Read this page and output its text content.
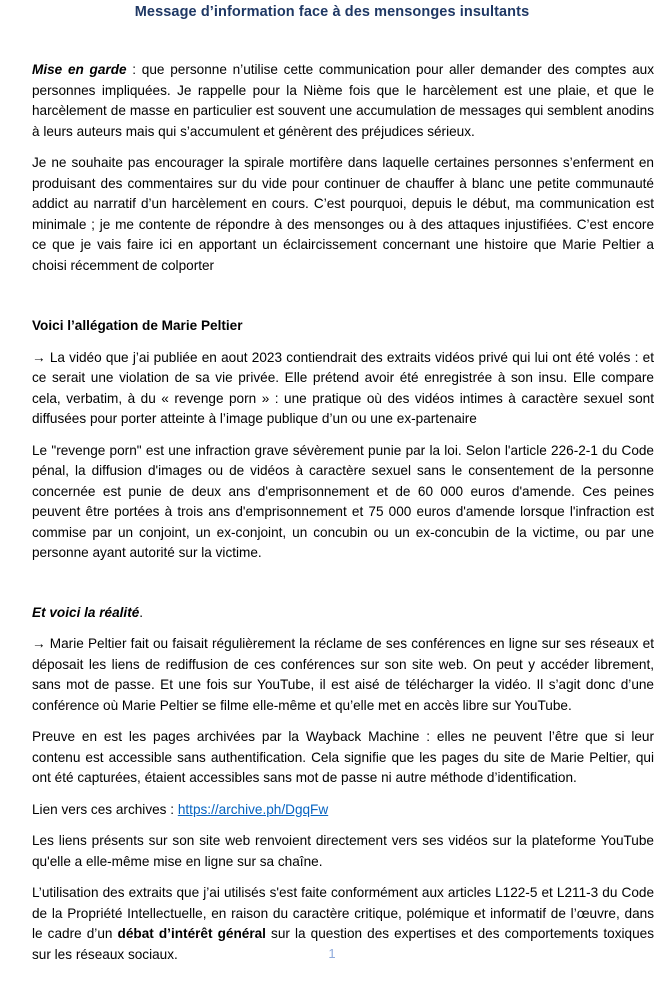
Message d’information face à des mensonges insultants

Mise en garde : que personne n’utilise cette communication pour aller demander des comptes aux personnes impliquées. Je rappelle pour la Nième fois que le harcèlement est une plaie, et que le harcèlement de masse en particulier est souvent une accumulation de messages qui semblent anodins à leurs auteurs mais qui s’accumulent et génèrent des préjudices sérieux.

Je ne souhaite pas encourager la spirale mortifère dans laquelle certaines personnes s’enferment en produisant des commentaires sur du vide pour continuer de chauffer à blanc une petite communauté addict au narratif d’un harcèlement en cours. C’est pourquoi, depuis le début, ma communication est minimale ; je me contente de répondre à des mensonges ou à des attaques injustifiées. C’est encore ce que je vais faire ici en apportant un éclaircissement concernant une histoire que Marie Peltier a choisi récemment de colporter

Voici l’allégation de Marie Peltier

→ La vidéo que j’ai publiée en aout 2023 contiendrait des extraits vidéos privé qui lui ont été volés : et ce serait une violation de sa vie privée. Elle prétend avoir été enregistrée à son insu. Elle compare cela, verbatim, à du « revenge porn » : une pratique où des vidéos intimes à caractère sexuel sont diffusées pour porter atteinte à l’image publique d’un ou une ex-partenaire

Le "revenge porn" est une infraction grave sévèrement punie par la loi. Selon l'article 226-2-1 du Code pénal, la diffusion d'images ou de vidéos à caractère sexuel sans le consentement de la personne concernée est punie de deux ans d'emprisonnement et de 60 000 euros d'amende. Ces peines peuvent être portées à trois ans d'emprisonnement et 75 000 euros d'amende lorsque l'infraction est commise par un conjoint, un ex-conjoint, un concubin ou un ex-concubin de la victime, ou par une personne ayant autorité sur la victime.

Et voici la réalité.

→ Marie Peltier fait ou faisait régulièrement la réclame de ses conférences en ligne sur ses réseaux et déposait les liens de rediffusion de ces conférences sur son site web. On peut y accéder librement, sans mot de passe. Et une fois sur YouTube, il est aisé de télécharger la vidéo. Il s’agit donc d’une conférence où Marie Peltier se filme elle-même et qu’elle met en accès libre sur YouTube.

Preuve en est les pages archivées par la Wayback Machine : elles ne peuvent l’être que si leur contenu est accessible sans authentification. Cela signifie que les pages du site de Marie Peltier, qui ont été capturées, étaient accessibles sans mot de passe ni autre méthode d’identification.

Lien vers ces archives : https://archive.ph/DgqFw

Les liens présents sur son site web renvoient directement vers ses vidéos sur la plateforme YouTube qu'elle a elle-même mise en ligne sur sa chaîne.

L’utilisation des extraits que j’ai utilisés s'est faite conformément aux articles L122-5 et L211-3 du Code de la Propriété Intellectuelle, en raison du caractère critique, polémique et informatif de l’œuvre, dans le cadre d’un débat d’intérêt général sur la question des expertises et des comportements toxiques sur les réseaux sociaux.	1
